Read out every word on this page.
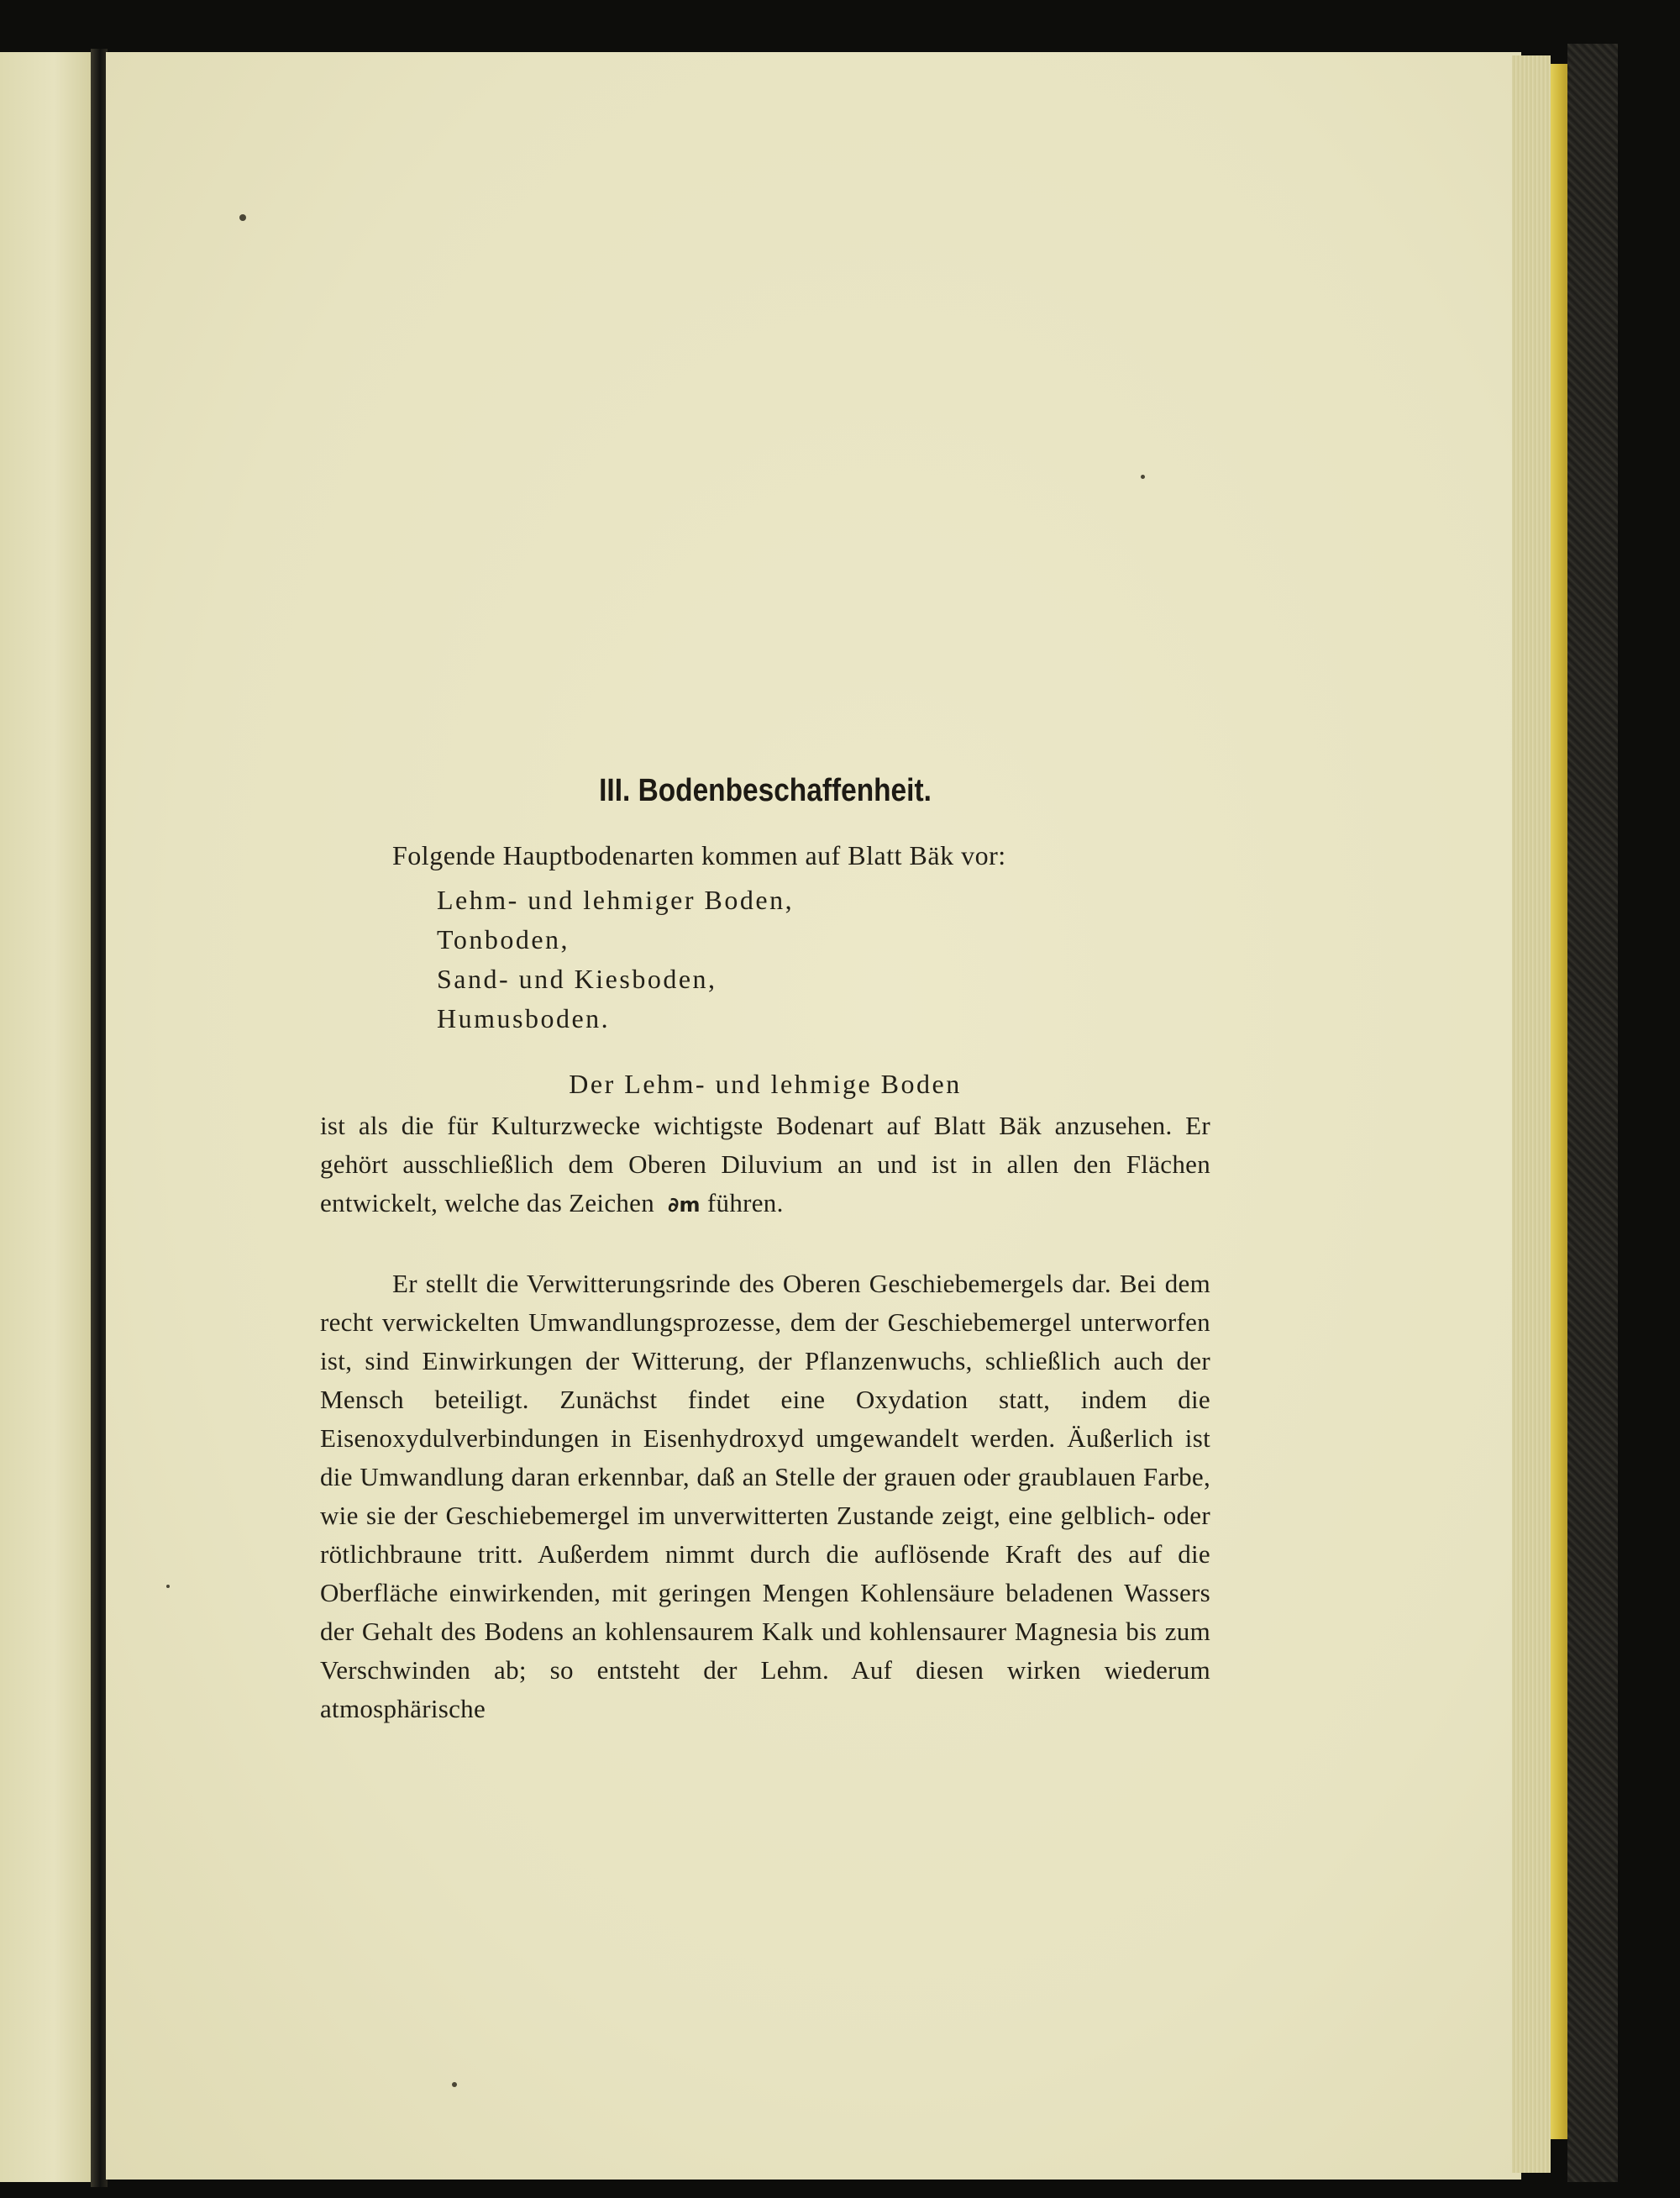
III. Bodenbeschaffenheit.

Folgende Hauptbodenarten kommen auf Blatt Bäk vor:

Lehm- und lehmiger Boden,
Tonboden,
Sand- und Kiesboden,
Humusboden.

Der Lehm- und lehmige Boden

ist als die für Kulturzwecke wichtigste Bodenart auf Blatt Bäk anzusehen. Er gehört ausschließlich dem Oberen Diluvium an und ist in allen den Flächen entwickelt, welche das Zeichen ∂m führen.

Er stellt die Verwitterungsrinde des Oberen Geschiebemergels dar. Bei dem recht verwickelten Umwandlungsprozesse, dem der Geschiebemergel unterworfen ist, sind Einwirkungen der Witterung, der Pflanzenwuchs, schließlich auch der Mensch beteiligt. Zunächst findet eine Oxydation statt, indem die Eisenoxydulverbindungen in Eisenhydroxyd umgewandelt werden. Äußerlich ist die Umwandlung daran erkennbar, daß an Stelle der grauen oder graublauen Farbe, wie sie der Geschiebemergel im unverwitterten Zustande zeigt, eine gelblich- oder rötlichbraune tritt. Außerdem nimmt durch die auflösende Kraft des auf die Oberfläche einwirkenden, mit geringen Mengen Kohlensäure beladenen Wassers der Gehalt des Bodens an kohlensaurem Kalk und kohlensaurer Magnesia bis zum Verschwinden ab; so entsteht der Lehm. Auf diesen wirken wiederum atmosphärische
